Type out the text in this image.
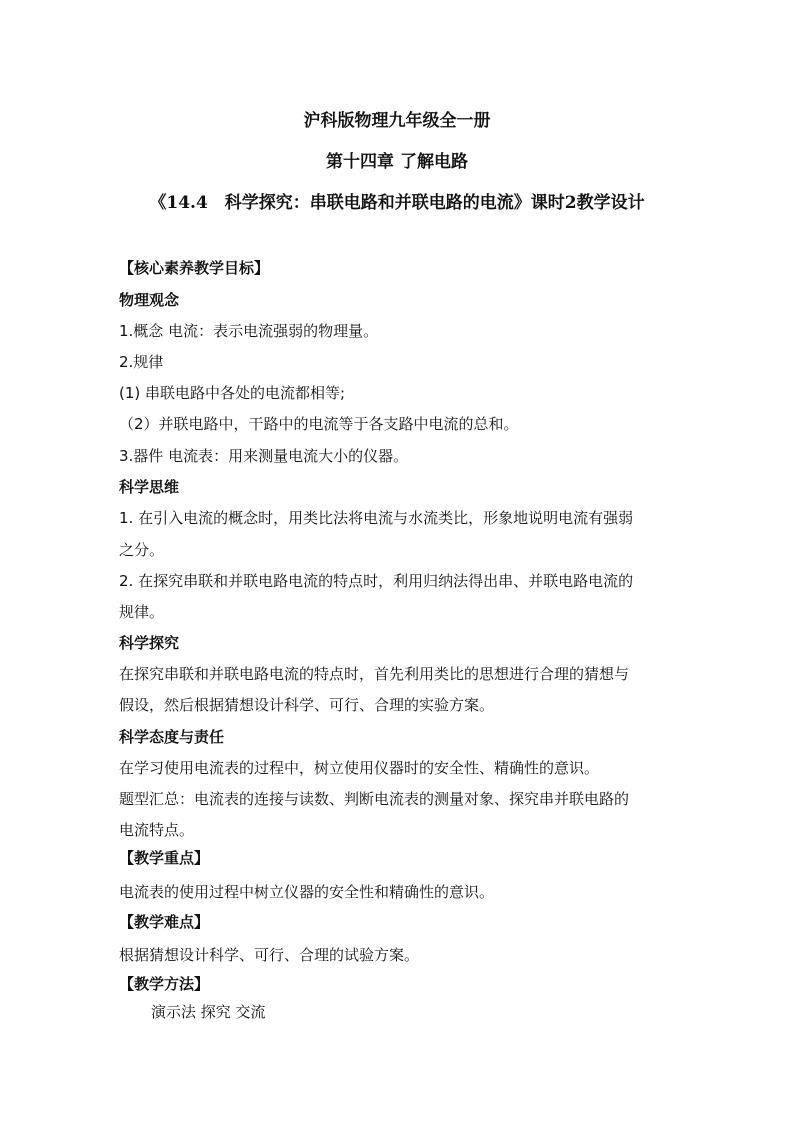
沪科版物理九年级全一册
第十四章 了解电路
《14.4　科学探究：串联电路和并联电路的电流》课时2教学设计
【核心素养教学目标】
物理观念
1.概念 电流：表示电流强弱的物理量。
2.规律
(1) 串联电路中各处的电流都相等;
（2）并联电路中，干路中的电流等于各支路中电流的总和。
3.器件 电流表：用来测量电流大小的仪器。
科学思维
1. 在引入电流的概念时，用类比法将电流与水流类比，形象地说明电流有强弱
之分。
2. 在探究串联和并联电路电流的特点时，利用归纳法得出串、并联电路电流的
规律。
科学探究
在探究串联和并联电路电流的特点时，首先利用类比的思想进行合理的猜想与
假设，然后根据猜想设计科学、可行、合理的实验方案。
科学态度与责任
在学习使用电流表的过程中，树立使用仪器时的安全性、精确性的意识。
题型汇总：电流表的连接与读数、判断电流表的测量对象、探究串并联电路的
电流特点。
【教学重点】
电流表的使用过程中树立仪器的安全性和精确性的意识。
【教学难点】
根据猜想设计科学、可行、合理的试验方案。
【教学方法】
演示法 探究 交流
